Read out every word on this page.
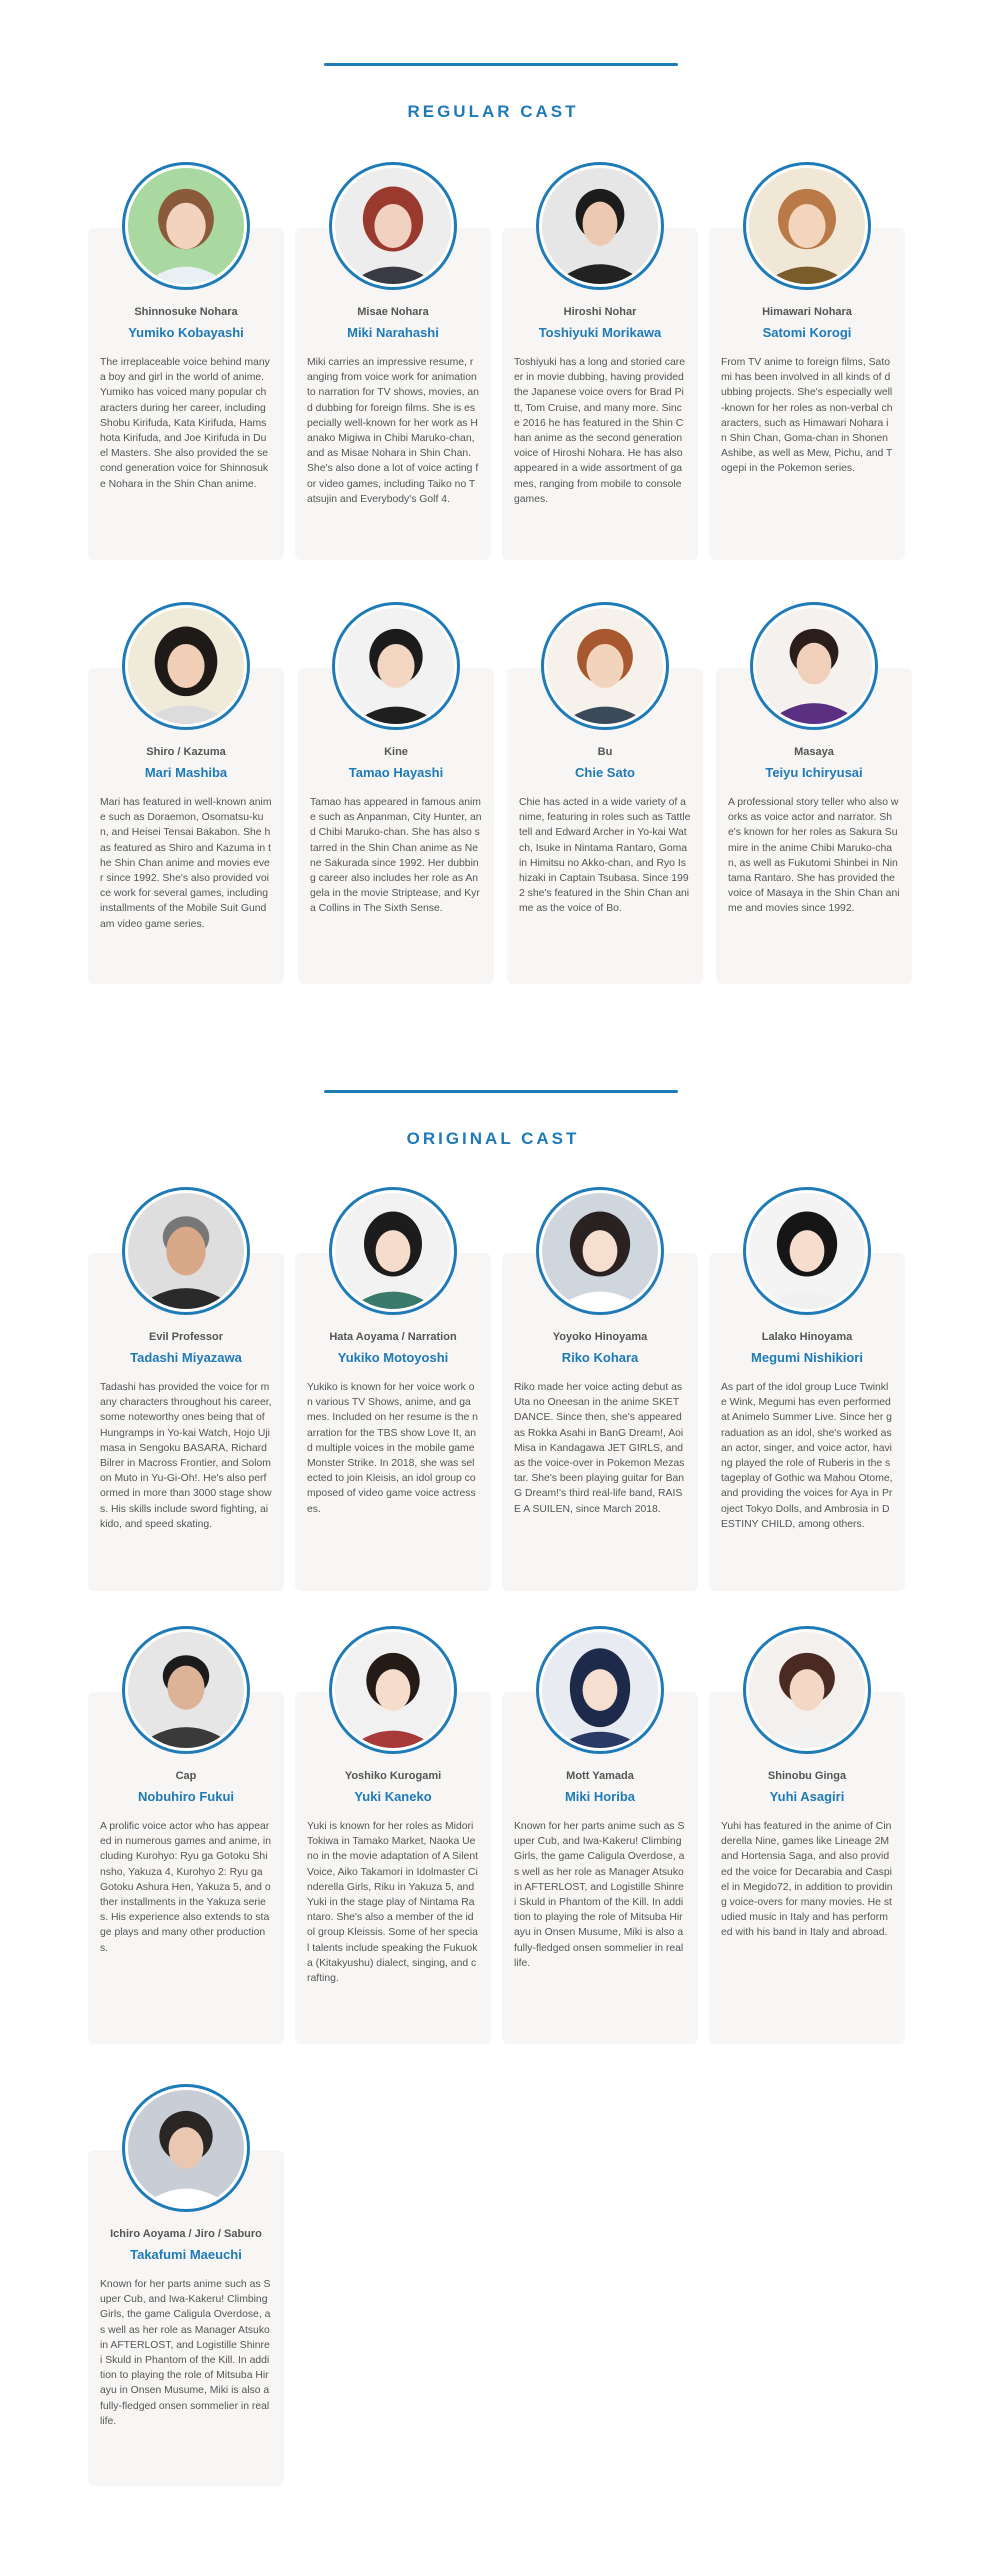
REGULAR CAST
Shinnosuke Nohara
Yumiko Kobayashi
The irreplaceable voice behind many a boy and girl in the world of anime. Yumiko has voiced many popular characters during her career, including Shobu Kirifuda, Kata Kirifuda, Hamshota Kirifuda, and Joe Kirifuda in Duel Masters. She also provided the second generation voice for Shinnosuke Nohara in the Shin Chan anime.
Misae Nohara
Miki Narahashi
Miki carries an impressive resume, ranging from voice work for animation to narration for TV shows, movies, and dubbing for foreign films. She is especially well-known for her work as Hanako Migiwa in Chibi Maruko-chan, and as Misae Nohara in Shin Chan. She's also done a lot of voice acting for video games, including Taiko no Tatsujin and Everybody's Golf 4.
Hiroshi Nohar
Toshiyuki Morikawa
Toshiyuki has a long and storied career in movie dubbing, having provided the Japanese voice overs for Brad Pitt, Tom Cruise, and many more. Since 2016 he has featured in the Shin Chan anime as the second generation voice of Hiroshi Nohara. He has also appeared in a wide assortment of games, ranging from mobile to console games.
Himawari Nohara
Satomi Korogi
From TV anime to foreign films, Satomi has been involved in all kinds of dubbing projects. She's especially well-known for her roles as non-verbal characters, such as Himawari Nohara in Shin Chan, Goma-chan in Shonen Ashibe, as well as Mew, Pichu, and Togepi in the Pokemon series.
Shiro / Kazuma
Mari Mashiba
Mari has featured in well-known anime such as Doraemon, Osomatsu-kun, and Heisei Tensai Bakabon. She has featured as Shiro and Kazuma in the Shin Chan anime and movies ever since 1992. She's also provided voice work for several games, including installments of the Mobile Suit Gundam video game series.
Kine
Tamao Hayashi
Tamao has appeared in famous anime such as Anpanman, City Hunter, and Chibi Maruko-chan. She has also starred in the Shin Chan anime as Nene Sakurada since 1992. Her dubbing career also includes her role as Angela in the movie Striptease, and Kyra Collins in The Sixth Sense.
Bu
Chie Sato
Chie has acted in a wide variety of anime, featuring in roles such as Tattletell and Edward Archer in Yo-kai Watch, Isuke in Nintama Rantaro, Goma in Himitsu no Akko-chan, and Ryo Ishizaki in Captain Tsubasa. Since 1992 she's featured in the Shin Chan anime as the voice of Bo.
Masaya
Teiyu Ichiryusai
A professional story teller who also works as voice actor and narrator. She's known for her roles as Sakura Sumire in the anime Chibi Maruko-chan, as well as Fukutomi Shinbei in Nintama Rantaro. She has provided the voice of Masaya in the Shin Chan anime and movies since 1992.
ORIGINAL CAST
Evil Professor
Tadashi Miyazawa
Tadashi has provided the voice for many characters throughout his career, some noteworthy ones being that of Hungramps in Yo-kai Watch, Hojo Ujimasa in Sengoku BASARA, Richard Bilrer in Macross Frontier, and Solomon Muto in Yu-Gi-Oh!. He's also performed in more than 3000 stage shows. His skills include sword fighting, aikido, and speed skating.
Hata Aoyama / Narration
Yukiko Motoyoshi
Yukiko is known for her voice work on various TV Shows, anime, and games. Included on her resume is the narration for the TBS show Love It, and multiple voices in the mobile game Monster Strike. In 2018, she was selected to join Kleisis, an idol group composed of video game voice actresses.
Yoyoko Hinoyama
Riko Kohara
Riko made her voice acting debut as Uta no Oneesan in the anime SKET DANCE. Since then, she's appeared as Rokka Asahi in BanG Dream!, Aoi Misa in Kandagawa JET GIRLS, and as the voice-over in Pokemon Mezastar. She's been playing guitar for BanG Dream!'s third real-life band, RAISE A SUILEN, since March 2018.
Lalako Hinoyama
Megumi Nishikiori
As part of the idol group Luce Twinkle Wink, Megumi has even performed at Animelo Summer Live. Since her graduation as an idol, she's worked as an actor, singer, and voice actor, having played the role of Ruberis in the stageplay of Gothic wa Mahou Otome, and providing the voices for Aya in Project Tokyo Dolls, and Ambrosia in DESTINY CHILD, among others.
Cap
Nobuhiro Fukui
A prolific voice actor who has appeared in numerous games and anime, including Kurohyo: Ryu ga Gotoku Shinsho, Yakuza 4, Kurohyo 2: Ryu ga Gotoku Ashura Hen, Yakuza 5, and other installments in the Yakuza series. His experience also extends to stage plays and many other productions.
Yoshiko Kurogami
Yuki Kaneko
Yuki is known for her roles as Midori Tokiwa in Tamako Market, Naoka Ueno in the movie adaptation of A Silent Voice, Aiko Takamori in Idolmaster Cinderella Girls, Riku in Yakuza 5, and Yuki in the stage play of Nintama Rantaro. She's also a member of the idol group Kleissis. Some of her special talents include speaking the Fukuoka (Kitakyushu) dialect, singing, and crafting.
Mott Yamada
Miki Horiba
Known for her parts anime such as Super Cub, and Iwa-Kakeru! Climbing Girls, the game Caligula Overdose, as well as her role as Manager Atsuko in AFTERLOST, and Logistille Shinrei Skuld in Phantom of the Kill. In addition to playing the role of Mitsuba Hirayu in Onsen Musume, Miki is also a fully-fledged onsen sommelier in real life.
Shinobu Ginga
Yuhi Asagiri
Yuhi has featured in the anime of Cinderella Nine, games like Lineage 2M and Hortensia Saga, and also provided the voice for Decarabia and Caspiel in Megido72, in addition to providing voice-overs for many movies. He studied music in Italy and has performed with his band in Italy and abroad.
Ichiro Aoyama / Jiro / Saburo
Takafumi Maeuchi
Known for her parts anime such as Super Cub, and Iwa-Kakeru! Climbing Girls, the game Caligula Overdose, as well as her role as Manager Atsuko in AFTERLOST, and Logistille Shinrei Skuld in Phantom of the Kill. In addition to playing the role of Mitsuba Hirayu in Onsen Musume, Miki is also a fully-fledged onsen sommelier in real life.
